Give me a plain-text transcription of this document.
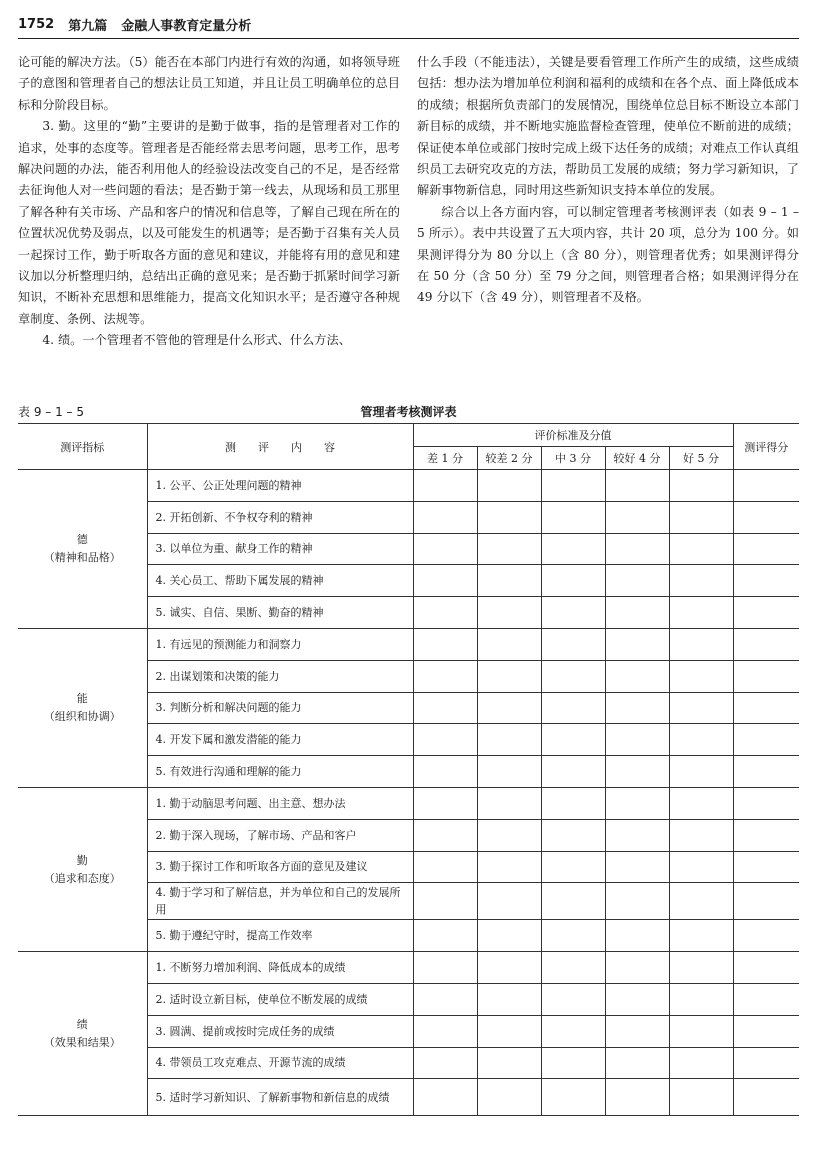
1752 第九篇 金融人事教育定量分析

论可能的解决方法。（5）能否在本部门内进行有效的沟通，如将领导班子的意图和管理者自己的想法让员工知道，并且让员工明确单位的总目标和分阶段目标。

3. 勤。这里的“勤”主要讲的是勤于做事，指的是管理者对工作的追求，处事的态度等。管理者是否能经常去思考问题，思考工作，思考解决问题的办法，能否利用他人的经验设法改变自己的不足，是否经常去征询他人对一些问题的看法；是否勤于第一线去，从现场和员工那里了解各种有关市场、产品和客户的情况和信息等，了解自己现在所在的位置状况优势及弱点，以及可能发生的机遇等；是否勤于召集有关人员一起探讨工作，勤于听取各方面的意见和建议，并能将有用的意见和建议加以分析整理归纳，总结出正确的意见来；是否勤于抓紧时间学习新知识，不断补充思想和思维能力，提高文化知识水平；是否遵守各种规章制度、条例、法规等。

4. 绩。一个管理者不管他的管理是什么形式、什么方法、

什么手段（不能违法），关键是要看管理工作所产生的成绩，这些成绩包括：想办法为增加单位利润和福利的成绩和在各个点、面上降低成本的成绩；根据所负责部门的发展情况，围绕单位总目标不断设立本部门新目标的成绩，并不断地实施监督检查管理，使单位不断前进的成绩；保证使本单位或部门按时完成上级下达任务的成绩；对难点工作认真组织员工去研究攻克的方法，帮助员工发展的成绩；努力学习新知识，了解新事物新信息，同时用这些新知识支持本单位的发展。

综合以上各方面内容，可以制定管理者考核测评表（如表 9 – 1 – 5 所示）。表中共设置了五大项内容，共计 20 项，总分为 100 分。如果测评得分为 80 分以上（含 80 分），则管理者优秀；如果测评得分在 50 分（含 50 分）至 79 分之间，则管理者合格；如果测评得分在 49 分以下（含 49 分），则管理者不及格。

表 9 – 1 – 5	管理者考核测评表
测评指标	测　　评　　内　　容	评价标准及分值					测评得分
		差 1 分	较差 2 分	中 3 分	较好 4 分	好 5 分	

德
（精神和品格）	1. 公平、公正处理问题的精神						
	2. 开拓创新、不争权夺利的精神						
	3. 以单位为重、献身工作的精神						
	4. 关心员工、帮助下属发展的精神						
	5. 诚实、自信、果断、勤奋的精神						

能
（组织和协调）	1. 有远见的预测能力和洞察力						
	2. 出谋划策和决策的能力						
	3. 判断分析和解决问题的能力						
	4. 开发下属和激发潜能的能力						
	5. 有效进行沟通和理解的能力						

勤
（追求和态度）	1. 勤于动脑思考问题、出主意、想办法						
	2. 勤于深入现场，了解市场、产品和客户						
	3. 勤于探讨工作和听取各方面的意见及建议						
	4. 勤于学习和了解信息，并为单位和自己的发展所用						
	5. 勤于遵纪守时，提高工作效率						

绩
（效果和结果）	1. 不断努力增加利润、降低成本的成绩						
	2. 适时设立新目标，使单位不断发展的成绩						
	3. 圆满、提前或按时完成任务的成绩						
	4. 带领员工攻克难点、开源节流的成绩						
	5. 适时学习新知识、了解新事物和新信息的成绩						
